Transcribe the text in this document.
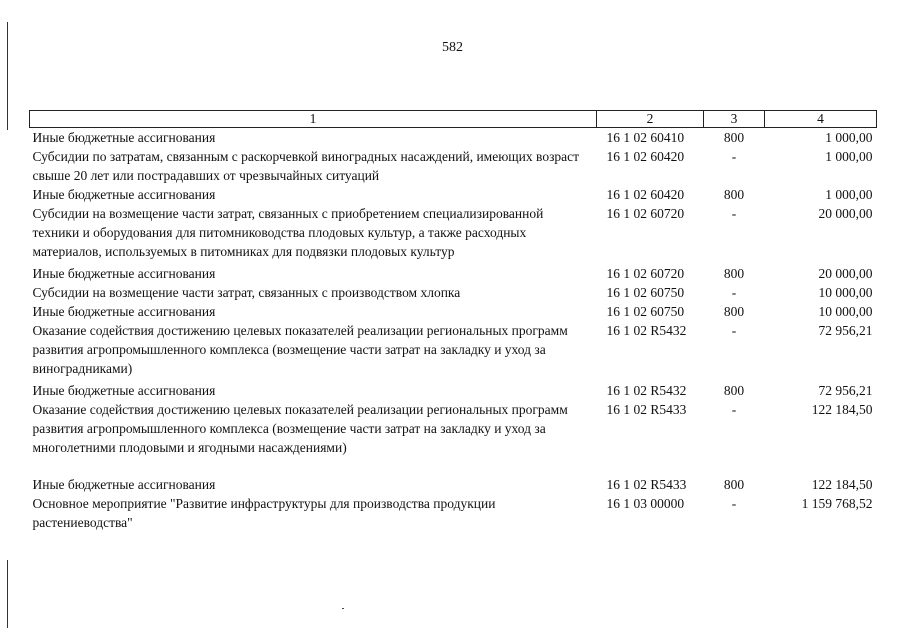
582
1	2	3	4
Иные бюджетные ассигнования	16 1 02 60410	800	1 000,00
Субсидии по затратам, связанным с раскорчевкой виноградных насаждений, имеющих возраст свыше 20 лет или пострадавших от чрезвычайных ситуаций	16 1 02 60420	-	1 000,00
Иные бюджетные ассигнования	16 1 02 60420	800	1 000,00
Субсидии на возмещение части затрат, связанных с приобретением специализированной техники и оборудования для питомниководства плодовых культур, а также расходных материалов, используемых в питомниках для подвязки плодовых культур	16 1 02 60720	-	20 000,00
Иные бюджетные ассигнования	16 1 02 60720	800	20 000,00
Субсидии на возмещение части затрат, связанных с производством хлопка	16 1 02 60750	-	10 000,00
Иные бюджетные ассигнования	16 1 02 60750	800	10 000,00
Оказание содействия достижению целевых показателей реализации региональных программ развития агропромышленного комплекса (возмещение части затрат на закладку и уход за виноградниками)	16 1 02 R5432	-	72 956,21
Иные бюджетные ассигнования	16 1 02 R5432	800	72 956,21
Оказание содействия достижению целевых показателей реализации региональных программ развития агропромышленного комплекса (возмещение части затрат на закладку и уход за многолетними плодовыми и ягодными насаждениями)	16 1 02 R5433	-	122 184,50
Иные бюджетные ассигнования	16 1 02 R5433	800	122 184,50
Основное мероприятие "Развитие инфраструктуры для производства продукции растениеводства"	16 1 03 00000	-	1 159 768,52
